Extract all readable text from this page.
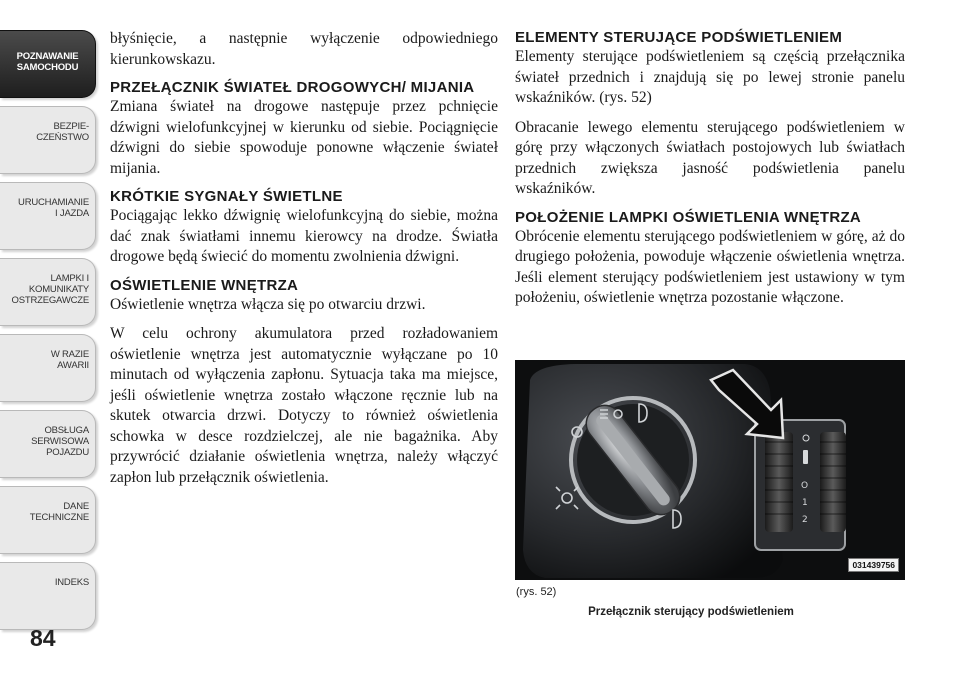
POZNAWANIE
SAMOCHODU
BEZPIE-
CZEŃSTWO
URUCHAMIANIE
I JAZDA
LAMPKI I
KOMUNIKATY
OSTRZEGAWCZE
W RAZIE
AWARII
OBSŁUGA
SERWISOWA
POJAZDU
DANE
TECHNICZNE
INDEKS
84

błyśnięcie, a następnie wyłączenie odpowiedniego kierunkowskazu.

PRZEŁĄCZNIK ŚWIATEŁ DROGOWYCH/ MIJANIA

Zmiana świateł na drogowe następuje przez pchnięcie dźwigni wielofunkcyjnej w kierunku od siebie. Pociągnięcie dźwigni do siebie spowoduje ponowne włączenie świateł mijania.

KRÓTKIE SYGNAŁY ŚWIETLNE

Pociągając lekko dźwignię wielofunkcyjną do siebie, można dać znak światłami innemu kierowcy na drodze. Światła drogowe będą świecić do momentu zwolnienia dźwigni.

OŚWIETLENIE WNĘTRZA

Oświetlenie wnętrza włącza się po otwarciu drzwi.

W celu ochrony akumulatora przed rozładowaniem oświetlenie wnętrza jest automatycznie wyłączane po 10 minutach od wyłączenia zapłonu. Sytuacja taka ma miejsce, jeśli oświetlenie wnętrza zostało włączone ręcznie lub na skutek otwarcia drzwi. Dotyczy to również oświetlenia schowka w desce rozdzielczej, ale nie bagażnika. Aby przywrócić działanie oświetlenia wnętrza, należy włączyć zapłon lub przełącznik oświetlenia.

ELEMENTY STERUJĄCE PODŚWIETLENIEM

Elementy sterujące podświetleniem są częścią przełącznika świateł przednich i znajdują się po lewej stronie panelu wskaźników. (rys. 52)

Obracanie lewego elementu sterującego podświetleniem w górę przy włączonych światłach postojowych lub światłach przednich zwiększa jasność podświetlenia panelu wskaźników.

POŁOŻENIE LAMPKI OŚWIETLENIA WNĘTRZA

Obrócenie elementu sterującego podświetleniem w górę, aż do drugiego położenia, powoduje włączenie oświetlenia wnętrza. Jeśli element sterujący podświetleniem jest ustawiony w tym położeniu, oświetlenie wnętrza pozostanie włączone.

O
1
2
031439756
(rys. 52)
Przełącznik sterujący podświetleniem
